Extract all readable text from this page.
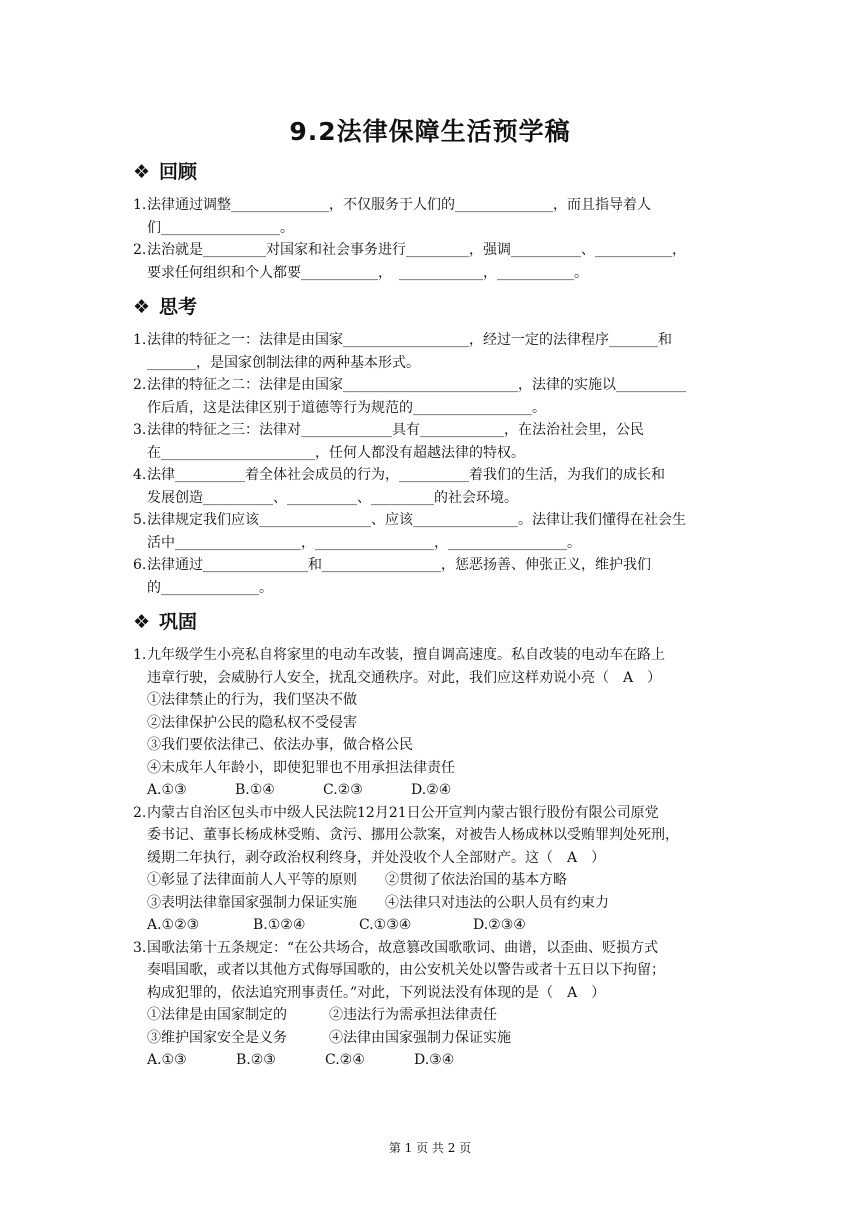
9.2法律保障生活预学稿
❖ 回顾
1.法律通过调整______________，不仅服务于人们的______________，而且指导着人
们_________________。
2.法治就是_________对国家和社会事务进行_________，强调__________、___________，
要求任何组织和个人都要___________，　____________，___________。
❖ 思考
1.法律的特征之一：法律是由国家__________________，经过一定的法律程序_______和
_______，是国家创制法律的两种基本形式。
2.法律的特征之二：法律是由国家_________________________，法律的实施以__________
作后盾，这是法律区别于道德等行为规范的_________________。
3.法律的特征之三：法律对_____________具有____________，在法治社会里，公民
在______________________，任何人都没有超越法律的特权。
4.法律__________着全体社会成员的行为，__________着我们的生活，为我们的成长和
发展创造__________、__________、_________的社会环境。
5.法律规定我们应该________________、应该_______________。法律让我们懂得在社会生
活中__________________，_________________，_________________。
6.法律通过_______________和_________________，惩恶扬善、伸张正义，维护我们
的______________。
❖ 巩固
1.九年级学生小亮私自将家里的电动车改装，擅自调高速度。私自改装的电动车在路上
违章行驶，会威胁行人安全，扰乱交通秩序。对此，我们应这样劝说小亮（　A　）
①法律禁止的行为，我们坚决不做
②法律保护公民的隐私权不受侵害
③我们要依法律己、依法办事，做合格公民
④未成年人年龄小，即使犯罪也不用承担法律责任
A.①③	B.①④	C.②③	D.②④
2.内蒙古自治区包头市中级人民法院12月21日公开宣判内蒙古银行股份有限公司原党
委书记、董事长杨成林受贿、贪污、挪用公款案，对被告人杨成林以受贿罪判处死刑，
缓期二年执行，剥夺政治权利终身，并处没收个人全部财产。这（　A　）
①彰显了法律面前人人平等的原则　　②贯彻了依法治国的基本方略
③表明法律靠国家强制力保证实施　　④法律只对违法的公职人员有约束力
A.①②③	B.①②④	C.①③④	D.②③④
3.国歌法第十五条规定：“在公共场合，故意篡改国歌歌词、曲谱，以歪曲、贬损方式
奏唱国歌，或者以其他方式侮辱国歌的，由公安机关处以警告或者十五日以下拘留；
构成犯罪的，依法追究刑事责任。”对此，下列说法没有体现的是（　A　）
①法律是由国家制定的　　　②违法行为需承担法律责任
③维护国家安全是义务　　　④法律由国家强制力保证实施
A.①③	B.②③	C.②④	D.③④
第 1 页 共 2 页
